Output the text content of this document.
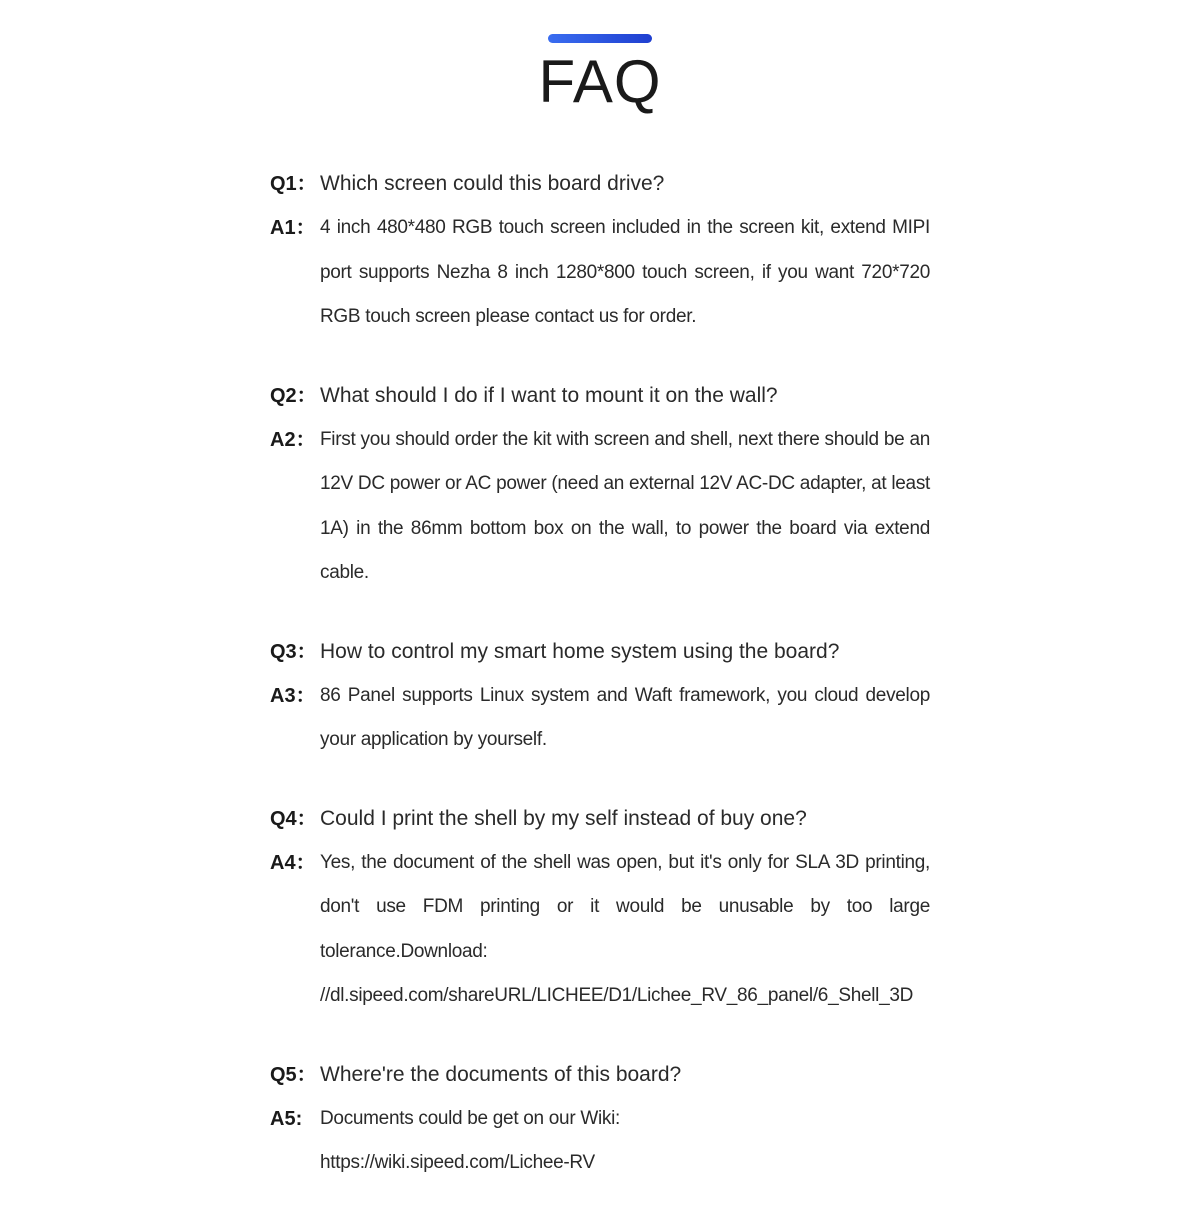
FAQ
Q1： Which screen could this board drive?
A1： 4 inch 480*480 RGB touch screen included in the screen kit, extend MIPI port supports Nezha 8 inch 1280*800 touch screen, if you want 720*720 RGB touch screen please contact us for order.
Q2： What should I do if I want to mount it on the wall?
A2： First you should order the kit with screen and shell, next there should be an 12V DC power or AC power (need an external 12V AC-DC adapter, at least 1A) in the 86mm bottom box on the wall, to power the board via extend cable.
Q3： How to control my smart home system using the board?
A3： 86 Panel supports Linux system and Waft framework, you cloud develop your application by yourself.
Q4： Could I print the shell by my self instead of buy one?
A4： Yes, the document of the shell was open, but it's only for SLA 3D printing, don't use FDM printing or it would be unusable by too large tolerance.Download:
//dl.sipeed.com/shareURL/LICHEE/D1/Lichee_RV_86_panel/6_Shell_3D
Q5： Where're the documents of this board?
A5: Documents could be get on our Wiki:
https://wiki.sipeed.com/Lichee-RV
